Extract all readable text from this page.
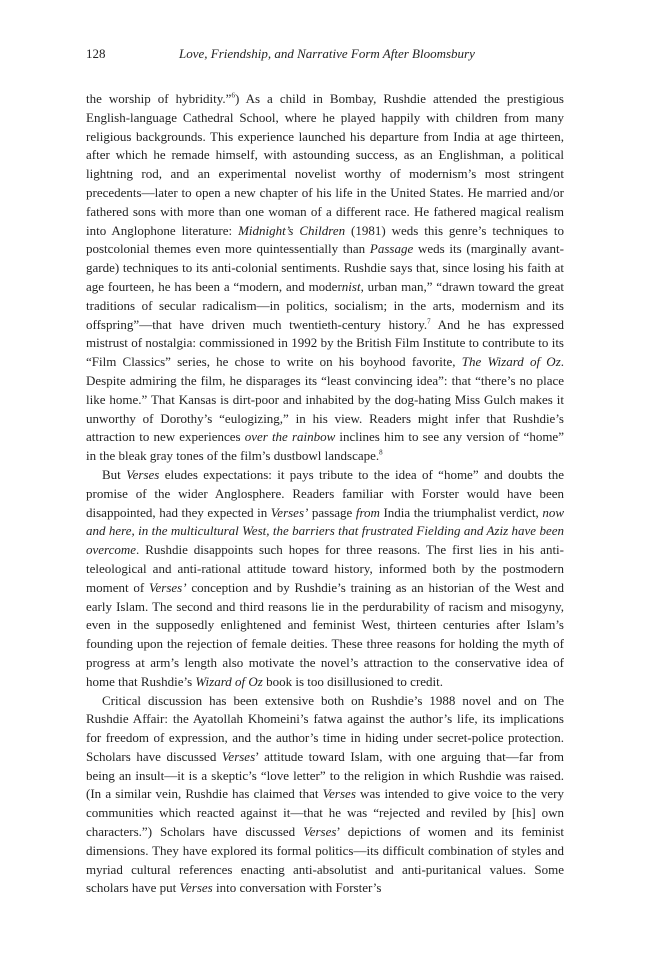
128	Love, Friendship, and Narrative Form After Bloomsbury

the worship of hybridity.”$^6$) As a child in Bombay, Rushdie attended the prestigious English-language Cathedral School, where he played happily with children from many religious backgrounds. This experience launched his departure from India at age thirteen, after which he remade himself, with astounding success, as an Englishman, a political lightning rod, and an experimental novelist worthy of modernism’s most stringent precedents—later to open a new chapter of his life in the United States. He married and/or fathered sons with more than one woman of a different race. He fathered magical realism into Anglophone literature: Midnight’s Children (1981) weds this genre’s techniques to postcolonial themes even more quintessentially than Passage weds its (marginally avant-garde) techniques to its anti-colonial sentiments. Rushdie says that, since losing his faith at age fourteen, he has been a “modern, and modernist, urban man,” “drawn toward the great traditions of secular radicalism—in politics, socialism; in the arts, modernism and its offspring”—that have driven much twentieth-century history.$^7$ And he has expressed mistrust of nostalgia: commissioned in 1992 by the British Film Institute to contribute to its “Film Classics” series, he chose to write on his boyhood favorite, The Wizard of Oz. Despite admiring the film, he disparages its “least convincing idea”: that “there’s no place like home.” That Kansas is dirt-poor and inhabited by the dog-hating Miss Gulch makes it unworthy of Dorothy’s “eulogizing,” in his view. Readers might infer that Rushdie’s attraction to new experiences over the rainbow inclines him to see any version of “home” in the bleak gray tones of the film’s dustbowl landscape.$^8$

But Verses eludes expectations: it pays tribute to the idea of “home” and doubts the promise of the wider Anglosphere. Readers familiar with Forster would have been disappointed, had they expected in Verses’ passage from India the triumphalist verdict, now and here, in the multicultural West, the barriers that frustrated Fielding and Aziz have been overcome. Rushdie disappoints such hopes for three reasons. The first lies in his anti-teleological and anti-rational attitude toward history, informed both by the postmodern moment of Verses’ conception and by Rushdie’s training as an historian of the West and early Islam. The second and third reasons lie in the perdurability of racism and misogyny, even in the supposedly enlightened and feminist West, thirteen centuries after Islam’s founding upon the rejection of female deities. These three reasons for holding the myth of progress at arm’s length also motivate the novel’s attraction to the conservative idea of home that Rushdie’s Wizard of Oz book is too disillusioned to credit.

Critical discussion has been extensive both on Rushdie’s 1988 novel and on The Rushdie Affair: the Ayatollah Khomeini’s fatwa against the author’s life, its implications for freedom of expression, and the author’s time in hiding under secret-police protection. Scholars have discussed Verses’ attitude toward Islam, with one arguing that—far from being an insult—it is a skeptic’s “love letter” to the religion in which Rushdie was raised. (In a similar vein, Rushdie has claimed that Verses was intended to give voice to the very communities which reacted against it—that he was “rejected and reviled by [his] own characters.”) Scholars have discussed Verses’ depictions of women and its feminist dimensions. They have explored its formal politics—its difficult combination of styles and myriad cultural references enacting anti-absolutist and anti-puritanical values. Some scholars have put Verses into conversation with Forster’s
